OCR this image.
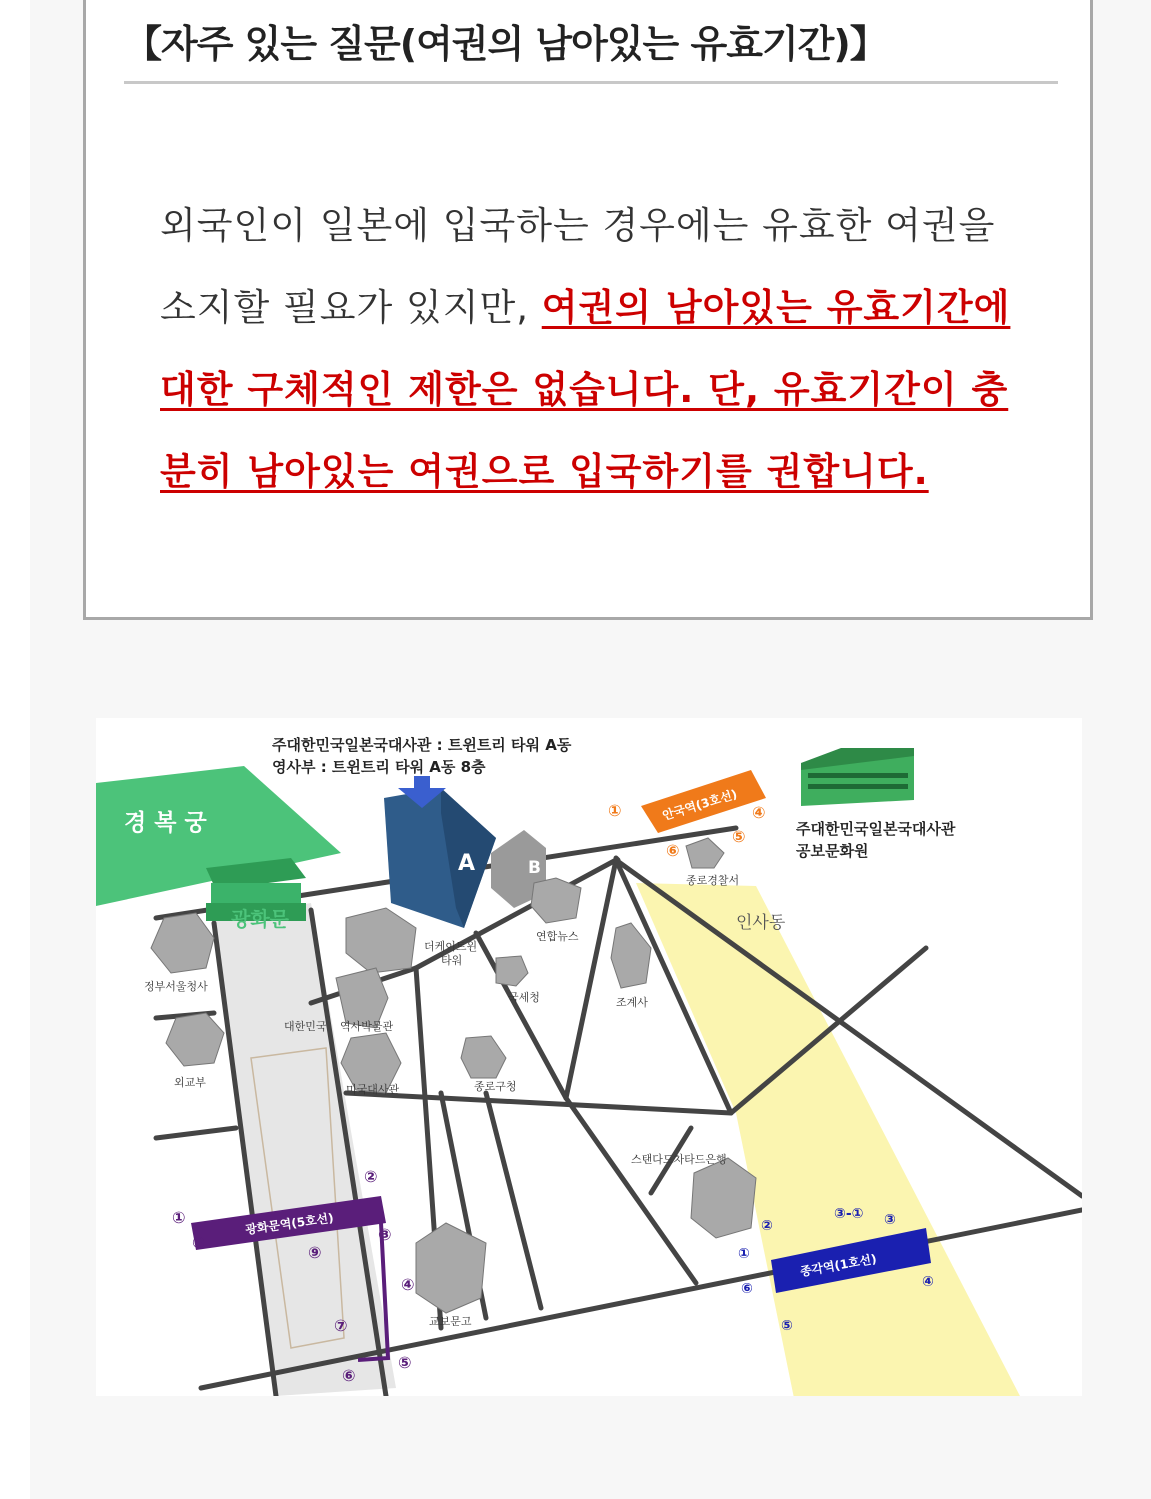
【자주 있는 질문(여권의 남아있는 유효기간)】

외국인이 일본에 입국하는 경우에는 유효한 여권을 소지할 필요가 있지만, 여권의 남아있는 유효기간에 대한 구체적인 제한은 없습니다. 단, 유효기간이 충분히 남아있는 여권으로 입국하기를 권합니다.

경 복 궁
A	B
광화문
주대한민국일본국대사관 : 트윈트리 타워 A동
영사부 : 트윈트리 타워 A동 8층
주대한민국일본국대사관
공보문화원
인사동
정부서울청사
외교부
대한민국 역사박물관
미국대사관
더케이트윈
타워
연합뉴스
국세청	조계사
종로경찰서
종로구청
스탠다드차타드은행
교보문고
안국역(3호선)
①	④
⑤
⑥
광화문역(5호선)
①
②
③
④
⑤
⑥
⑦
⑧
⑨	종각역(1호선)
①
②
③-① ③
④
⑤
⑥
